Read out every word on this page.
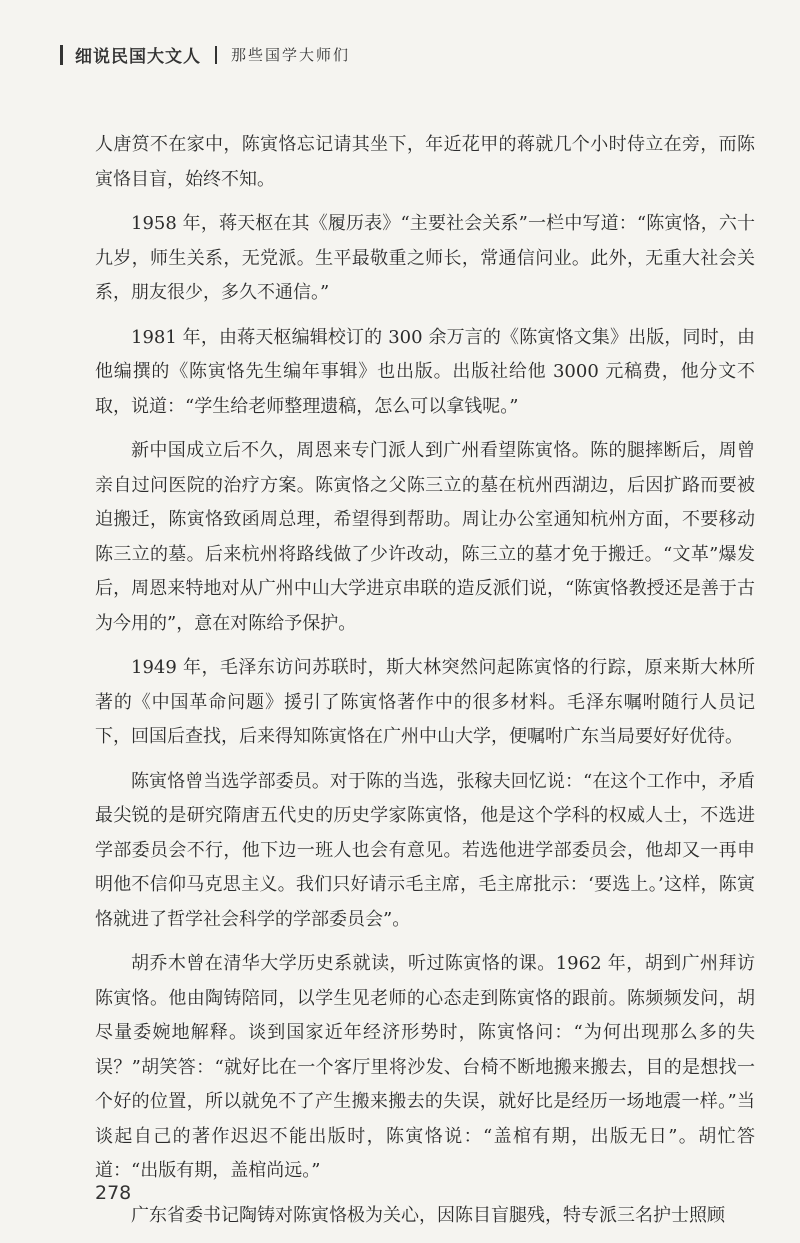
细说民国大文人 那些国学大师们

人唐筼不在家中，陈寅恪忘记请其坐下，年近花甲的蒋就几个小时侍立在旁，而陈寅恪目盲，始终不知。

1958 年，蒋天枢在其《履历表》“主要社会关系”一栏中写道：“陈寅恪，六十九岁，师生关系，无党派。生平最敬重之师长，常通信问业。此外，无重大社会关系，朋友很少，多久不通信。”

1981 年，由蒋天枢编辑校订的 300 余万言的《陈寅恪文集》出版，同时，由他编撰的《陈寅恪先生编年事辑》也出版。出版社给他 3000 元稿费，他分文不取，说道：“学生给老师整理遗稿，怎么可以拿钱呢。”

新中国成立后不久，周恩来专门派人到广州看望陈寅恪。陈的腿摔断后，周曾亲自过问医院的治疗方案。陈寅恪之父陈三立的墓在杭州西湖边，后因扩路而要被迫搬迁，陈寅恪致函周总理，希望得到帮助。周让办公室通知杭州方面，不要移动陈三立的墓。后来杭州将路线做了少许改动，陈三立的墓才免于搬迁。“文革”爆发后，周恩来特地对从广州中山大学进京串联的造反派们说，“陈寅恪教授还是善于古为今用的”，意在对陈给予保护。

1949 年，毛泽东访问苏联时，斯大林突然问起陈寅恪的行踪，原来斯大林所著的《中国革命问题》援引了陈寅恪著作中的很多材料。毛泽东嘱咐随行人员记下，回国后查找，后来得知陈寅恪在广州中山大学，便嘱咐广东当局要好好优待。

陈寅恪曾当选学部委员。对于陈的当选，张稼夫回忆说：“在这个工作中，矛盾最尖锐的是研究隋唐五代史的历史学家陈寅恪，他是这个学科的权威人士，不选进学部委员会不行，他下边一班人也会有意见。若选他进学部委员会，他却又一再申明他不信仰马克思主义。我们只好请示毛主席，毛主席批示：‘要选上。’这样，陈寅恪就进了哲学社会科学的学部委员会”。

胡乔木曾在清华大学历史系就读，听过陈寅恪的课。1962 年，胡到广州拜访陈寅恪。他由陶铸陪同，以学生见老师的心态走到陈寅恪的跟前。陈频频发问，胡尽量委婉地解释。谈到国家近年经济形势时，陈寅恪问：“为何出现那么多的失误？”胡笑答：“就好比在一个客厅里将沙发、台椅不断地搬来搬去，目的是想找一个好的位置，所以就免不了产生搬来搬去的失误，就好比是经历一场地震一样。”当谈起自己的著作迟迟不能出版时，陈寅恪说：“盖棺有期，出版无日”。胡忙答道：“出版有期，盖棺尚远。”

广东省委书记陶铸对陈寅恪极为关心，因陈目盲腿残，特专派三名护士照顾

278
